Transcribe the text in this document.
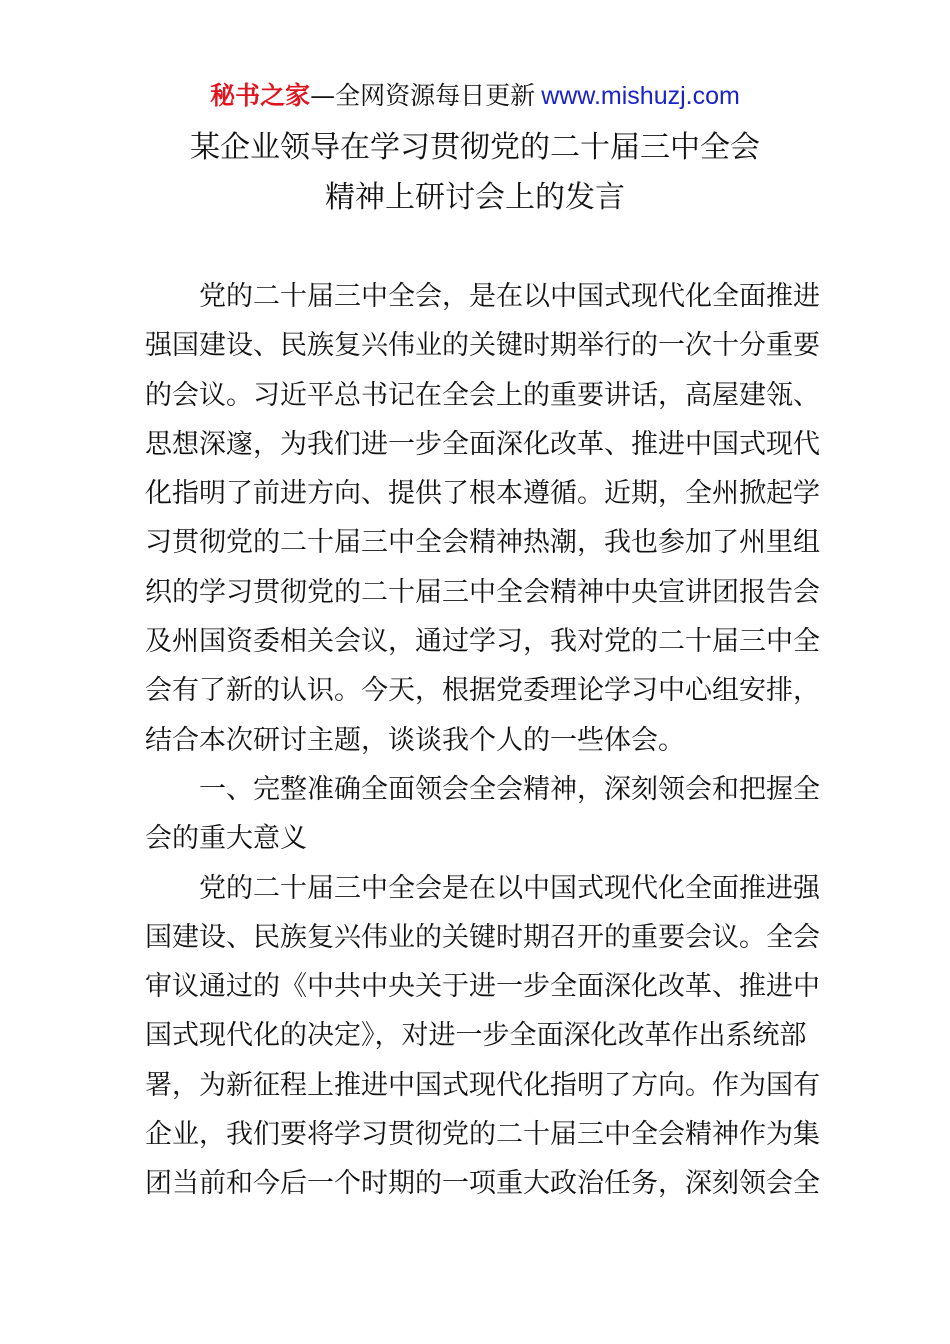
秘书之家—全网资源每日更新 www.mishuzj.com
某企业领导在学习贯彻党的二十届三中全会
精神上研讨会上的发言
　　党的二十届三中全会，是在以中国式现代化全面推进
强国建设、民族复兴伟业的关键时期举行的一次十分重要
的会议。习近平总书记在全会上的重要讲话，高屋建瓴、
思想深邃，为我们进一步全面深化改革、推进中国式现代
化指明了前进方向、提供了根本遵循。近期，全州掀起学
习贯彻党的二十届三中全会精神热潮，我也参加了州里组
织的学习贯彻党的二十届三中全会精神中央宣讲团报告会
及州国资委相关会议，通过学习，我对党的二十届三中全
会有了新的认识。今天，根据党委理论学习中心组安排，
结合本次研讨主题，谈谈我个人的一些体会。
　　一、完整准确全面领会全会精神，深刻领会和把握全
会的重大意义
　　党的二十届三中全会是在以中国式现代化全面推进强
国建设、民族复兴伟业的关键时期召开的重要会议。全会
审议通过的《中共中央关于进一步全面深化改革、推进中
国式现代化的决定》，对进一步全面深化改革作出系统部
署，为新征程上推进中国式现代化指明了方向。作为国有
企业，我们要将学习贯彻党的二十届三中全会精神作为集
团当前和今后一个时期的一项重大政治任务，深刻领会全
